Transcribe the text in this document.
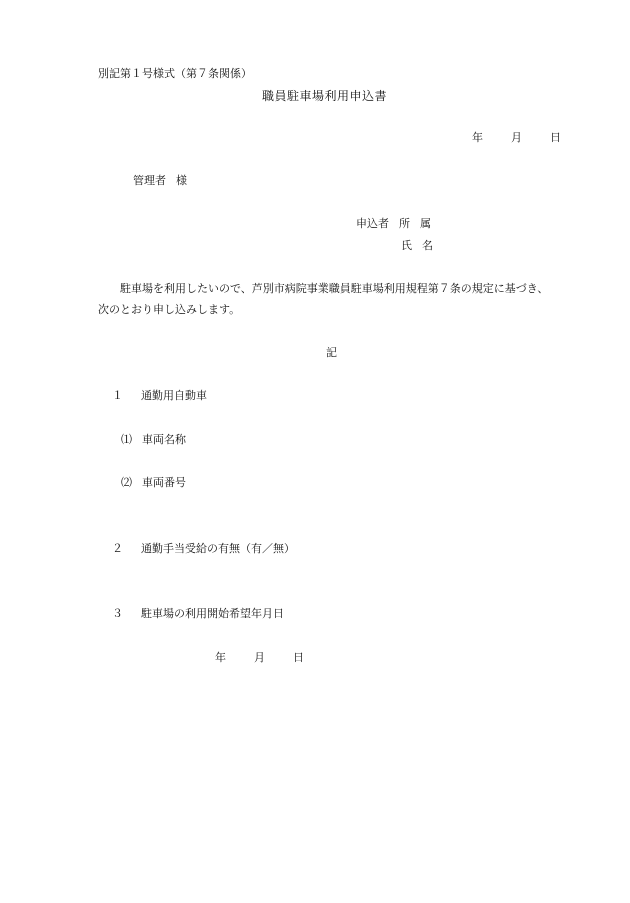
別記第１号様式（第７条関係）
職員駐車場利用申込書
年	月	日
管理者 様
申込者 所 属
氏 名
駐車場を利用したいので、芦別市病院事業職員駐車場利用規程第７条の規定に基づき、
次のとおり申し込みします。
記
１ 通勤用自動車
⑴ 車両名称
⑵ 車両番号
２ 通勤手当受給の有無（有／無）
３ 駐車場の利用開始希望年月日
年	月	日
